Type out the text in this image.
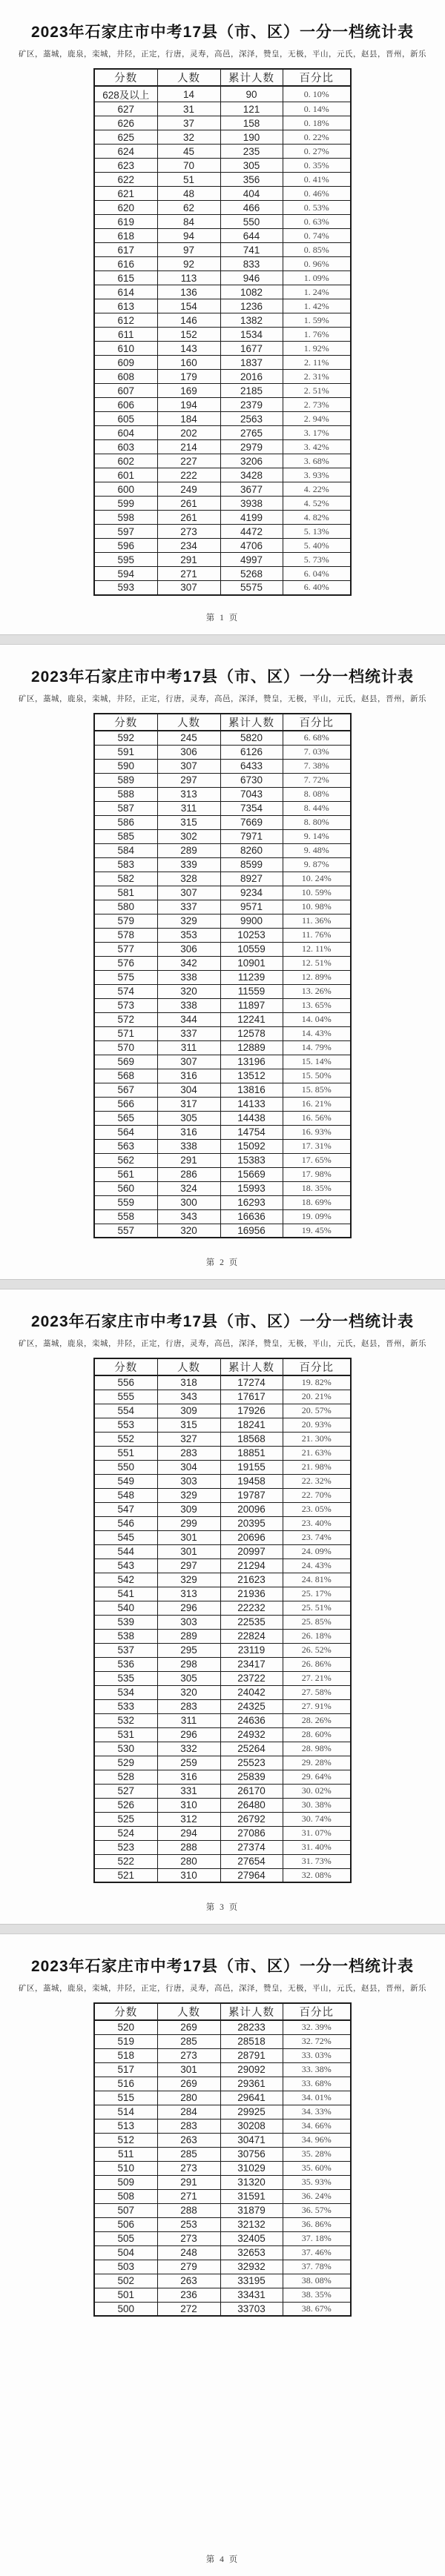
2023年石家庄市中考17县（市、区）一分一档统计表
矿区，藁城，鹿泉，栾城，井陉，正定，行唐，灵寿，高邑，深泽，赞皇，无极，平山，元氏，赵县，晋州，新乐
分数	人数	累计人数	百分比
628及以上	14	90	0. 10%
627	31	121	0. 14%
626	37	158	0. 18%
625	32	190	0. 22%
624	45	235	0. 27%
623	70	305	0. 35%
622	51	356	0. 41%
621	48	404	0. 46%
620	62	466	0. 53%
619	84	550	0. 63%
618	94	644	0. 74%
617	97	741	0. 85%
616	92	833	0. 96%
615	113	946	1. 09%
614	136	1082	1. 24%
613	154	1236	1. 42%
612	146	1382	1. 59%
611	152	1534	1. 76%
610	143	1677	1. 92%
609	160	1837	2. 11%
608	179	2016	2. 31%
607	169	2185	2. 51%
606	194	2379	2. 73%
605	184	2563	2. 94%
604	202	2765	3. 17%
603	214	2979	3. 42%
602	227	3206	3. 68%
601	222	3428	3. 93%
600	249	3677	4. 22%
599	261	3938	4. 52%
598	261	4199	4. 82%
597	273	4472	5. 13%
596	234	4706	5. 40%
595	291	4997	5. 73%
594	271	5268	6. 04%
593	307	5575	6. 40%
第 1 页
2023年石家庄市中考17县（市、区）一分一档统计表
矿区，藁城，鹿泉，栾城，井陉，正定，行唐，灵寿，高邑，深泽，赞皇，无极，平山，元氏，赵县，晋州，新乐
分数	人数	累计人数	百分比
592	245	5820	6. 68%
591	306	6126	7. 03%
590	307	6433	7. 38%
589	297	6730	7. 72%
588	313	7043	8. 08%
587	311	7354	8. 44%
586	315	7669	8. 80%
585	302	7971	9. 14%
584	289	8260	9. 48%
583	339	8599	9. 87%
582	328	8927	10. 24%
581	307	9234	10. 59%
580	337	9571	10. 98%
579	329	9900	11. 36%
578	353	10253	11. 76%
577	306	10559	12. 11%
576	342	10901	12. 51%
575	338	11239	12. 89%
574	320	11559	13. 26%
573	338	11897	13. 65%
572	344	12241	14. 04%
571	337	12578	14. 43%
570	311	12889	14. 79%
569	307	13196	15. 14%
568	316	13512	15. 50%
567	304	13816	15. 85%
566	317	14133	16. 21%
565	305	14438	16. 56%
564	316	14754	16. 93%
563	338	15092	17. 31%
562	291	15383	17. 65%
561	286	15669	17. 98%
560	324	15993	18. 35%
559	300	16293	18. 69%
558	343	16636	19. 09%
557	320	16956	19. 45%
第 2 页
2023年石家庄市中考17县（市、区）一分一档统计表
矿区，藁城，鹿泉，栾城，井陉，正定，行唐，灵寿，高邑，深泽，赞皇，无极，平山，元氏，赵县，晋州，新乐
分数	人数	累计人数	百分比
556	318	17274	19. 82%
555	343	17617	20. 21%
554	309	17926	20. 57%
553	315	18241	20. 93%
552	327	18568	21. 30%
551	283	18851	21. 63%
550	304	19155	21. 98%
549	303	19458	22. 32%
548	329	19787	22. 70%
547	309	20096	23. 05%
546	299	20395	23. 40%
545	301	20696	23. 74%
544	301	20997	24. 09%
543	297	21294	24. 43%
542	329	21623	24. 81%
541	313	21936	25. 17%
540	296	22232	25. 51%
539	303	22535	25. 85%
538	289	22824	26. 18%
537	295	23119	26. 52%
536	298	23417	26. 86%
535	305	23722	27. 21%
534	320	24042	27. 58%
533	283	24325	27. 91%
532	311	24636	28. 26%
531	296	24932	28. 60%
530	332	25264	28. 98%
529	259	25523	29. 28%
528	316	25839	29. 64%
527	331	26170	30. 02%
526	310	26480	30. 38%
525	312	26792	30. 74%
524	294	27086	31. 07%
523	288	27374	31. 40%
522	280	27654	31. 73%
521	310	27964	32. 08%
第 3 页
2023年石家庄市中考17县（市、区）一分一档统计表
矿区，藁城，鹿泉，栾城，井陉，正定，行唐，灵寿，高邑，深泽，赞皇，无极，平山，元氏，赵县，晋州，新乐
分数	人数	累计人数	百分比
520	269	28233	32. 39%
519	285	28518	32. 72%
518	273	28791	33. 03%
517	301	29092	33. 38%
516	269	29361	33. 68%
515	280	29641	34. 01%
514	284	29925	34. 33%
513	283	30208	34. 66%
512	263	30471	34. 96%
511	285	30756	35. 28%
510	273	31029	35. 60%
509	291	31320	35. 93%
508	271	31591	36. 24%
507	288	31879	36. 57%
506	253	32132	36. 86%
505	273	32405	37. 18%
504	248	32653	37. 46%
503	279	32932	37. 78%
502	263	33195	38. 08%
501	236	33431	38. 35%
500	272	33703	38. 67%
第 4 页
